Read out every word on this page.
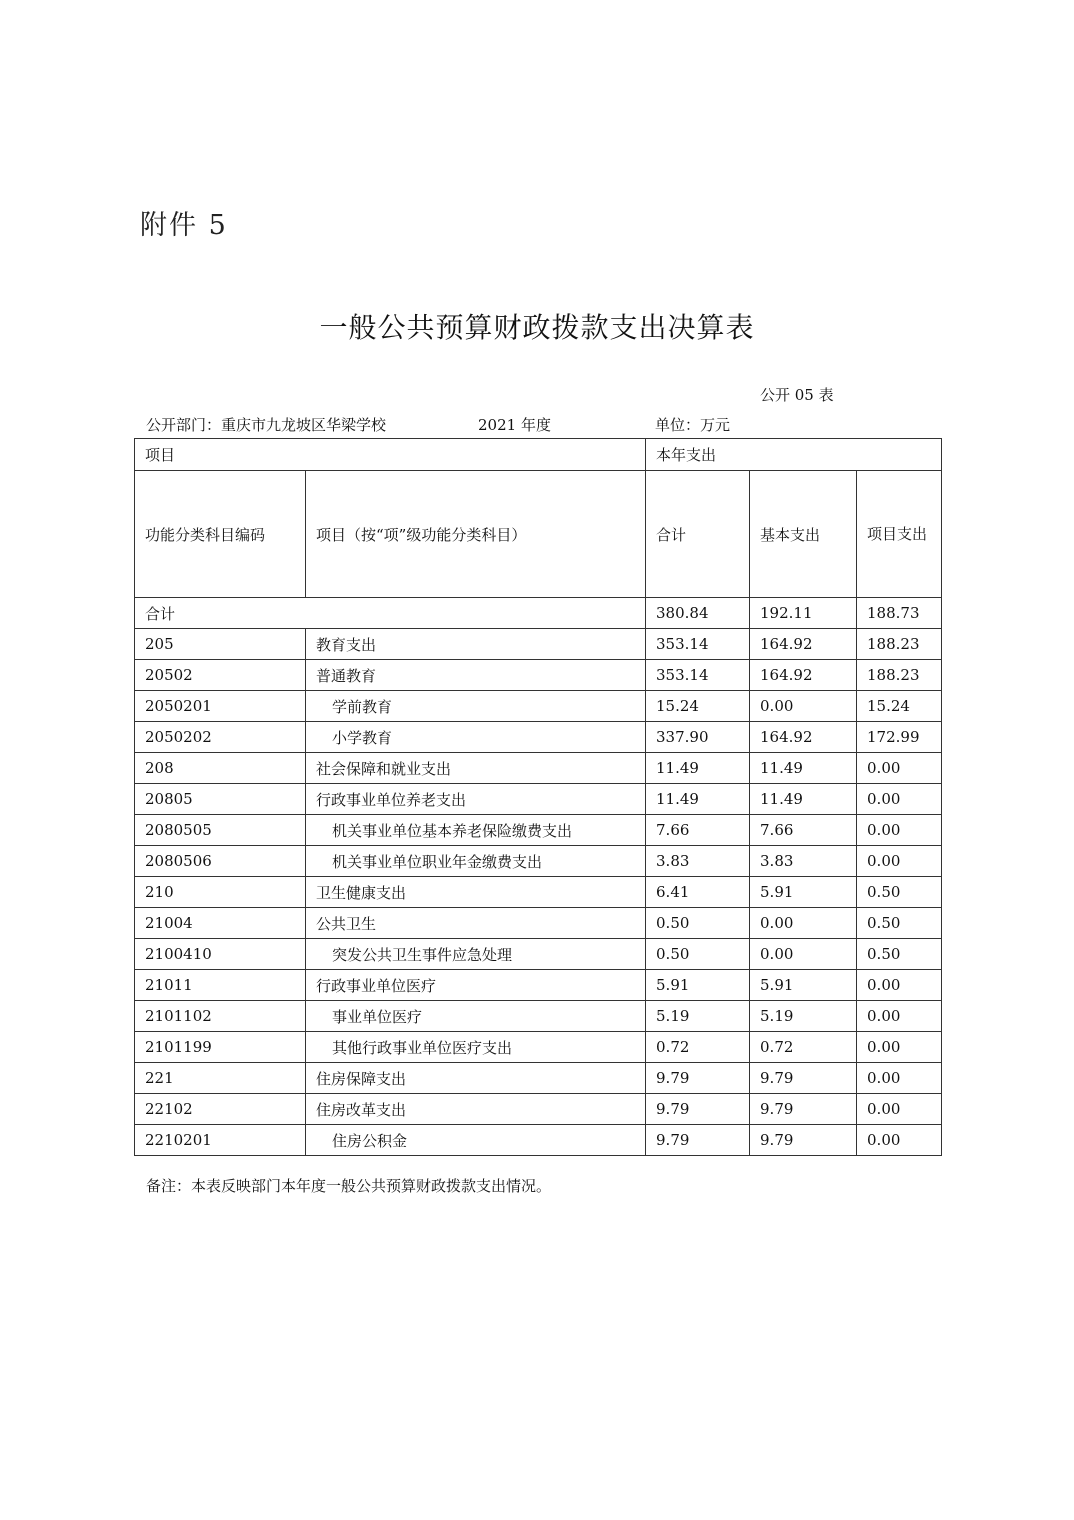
附件 5
一般公共预算财政拨款支出决算表
公开 05 表
公开部门：重庆市九龙坡区华梁学校	2021 年度	单位：万元
项目		本年支出		
功能分类科目编码	项目（按“项”级功能分类科目）	合计	基本支出	项目支出
合计		380.84	192.11	188.73
205	教育支出	353.14	164.92	188.23
20502	普通教育	353.14	164.92	188.23
2050201	学前教育	15.24	0.00	15.24
2050202	小学教育	337.90	164.92	172.99
208	社会保障和就业支出	11.49	11.49	0.00
20805	行政事业单位养老支出	11.49	11.49	0.00
2080505	机关事业单位基本养老保险缴费支出	7.66	7.66	0.00
2080506	机关事业单位职业年金缴费支出	3.83	3.83	0.00
210	卫生健康支出	6.41	5.91	0.50
21004	公共卫生	0.50	0.00	0.50
2100410	突发公共卫生事件应急处理	0.50	0.00	0.50
21011	行政事业单位医疗	5.91	5.91	0.00
2101102	事业单位医疗	5.19	5.19	0.00
2101199	其他行政事业单位医疗支出	0.72	0.72	0.00
221	住房保障支出	9.79	9.79	0.00
22102	住房改革支出	9.79	9.79	0.00
2210201	住房公积金	9.79	9.79	0.00
备注：本表反映部门本年度一般公共预算财政拨款支出情况。
